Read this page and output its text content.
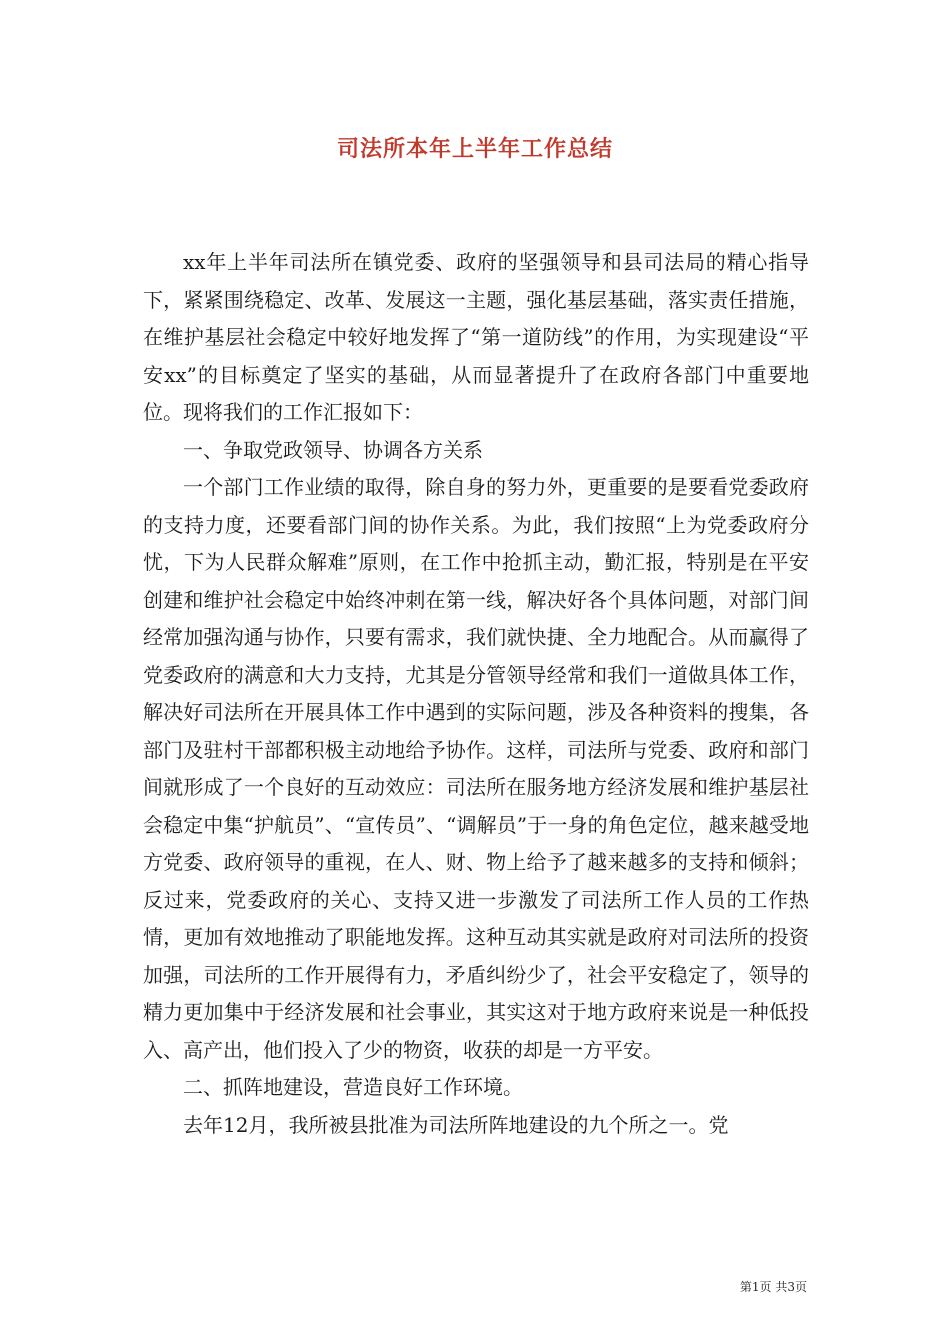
司法所本年上半年工作总结

xx年上半年司法所在镇党委、政府的坚强领导和县司法局的精心指导下，紧紧围绕稳定、改革、发展这一主题，强化基层基础，落实责任措施，在维护基层社会稳定中较好地发挥了“第一道防线”的作用，为实现建设“平安xx”的目标奠定了坚实的基础，从而显著提升了在政府各部门中重要地位。现将我们的工作汇报如下：

一、争取党政领导、协调各方关系

一个部门工作业绩的取得，除自身的努力外，更重要的是要看党委政府的支持力度，还要看部门间的协作关系。为此，我们按照“上为党委政府分忧，下为人民群众解难”原则，在工作中抢抓主动，勤汇报，特别是在平安创建和维护社会稳定中始终冲刺在第一线，解决好各个具体问题，对部门间经常加强沟通与协作，只要有需求，我们就快捷、全力地配合。从而赢得了党委政府的满意和大力支持，尤其是分管领导经常和我们一道做具体工作，解决好司法所在开展具体工作中遇到的实际问题，涉及各种资料的搜集，各部门及驻村干部都积极主动地给予协作。这样，司法所与党委、政府和部门间就形成了一个良好的互动效应：司法所在服务地方经济发展和维护基层社会稳定中集“护航员”、“宣传员”、“调解员”于一身的角色定位，越来越受地方党委、政府领导的重视，在人、财、物上给予了越来越多的支持和倾斜；反过来，党委政府的关心、支持又进一步激发了司法所工作人员的工作热情，更加有效地推动了职能地发挥。这种互动其实就是政府对司法所的投资加强，司法所的工作开展得有力，矛盾纠纷少了，社会平安稳定了，领导的精力更加集中于经济发展和社会事业，其实这对于地方政府来说是一种低投入、高产出，他们投入了少的物资，收获的却是一方平安。

二、抓阵地建设，营造良好工作环境。

去年12月，我所被县批准为司法所阵地建设的九个所之一。党

第1页 共3页
